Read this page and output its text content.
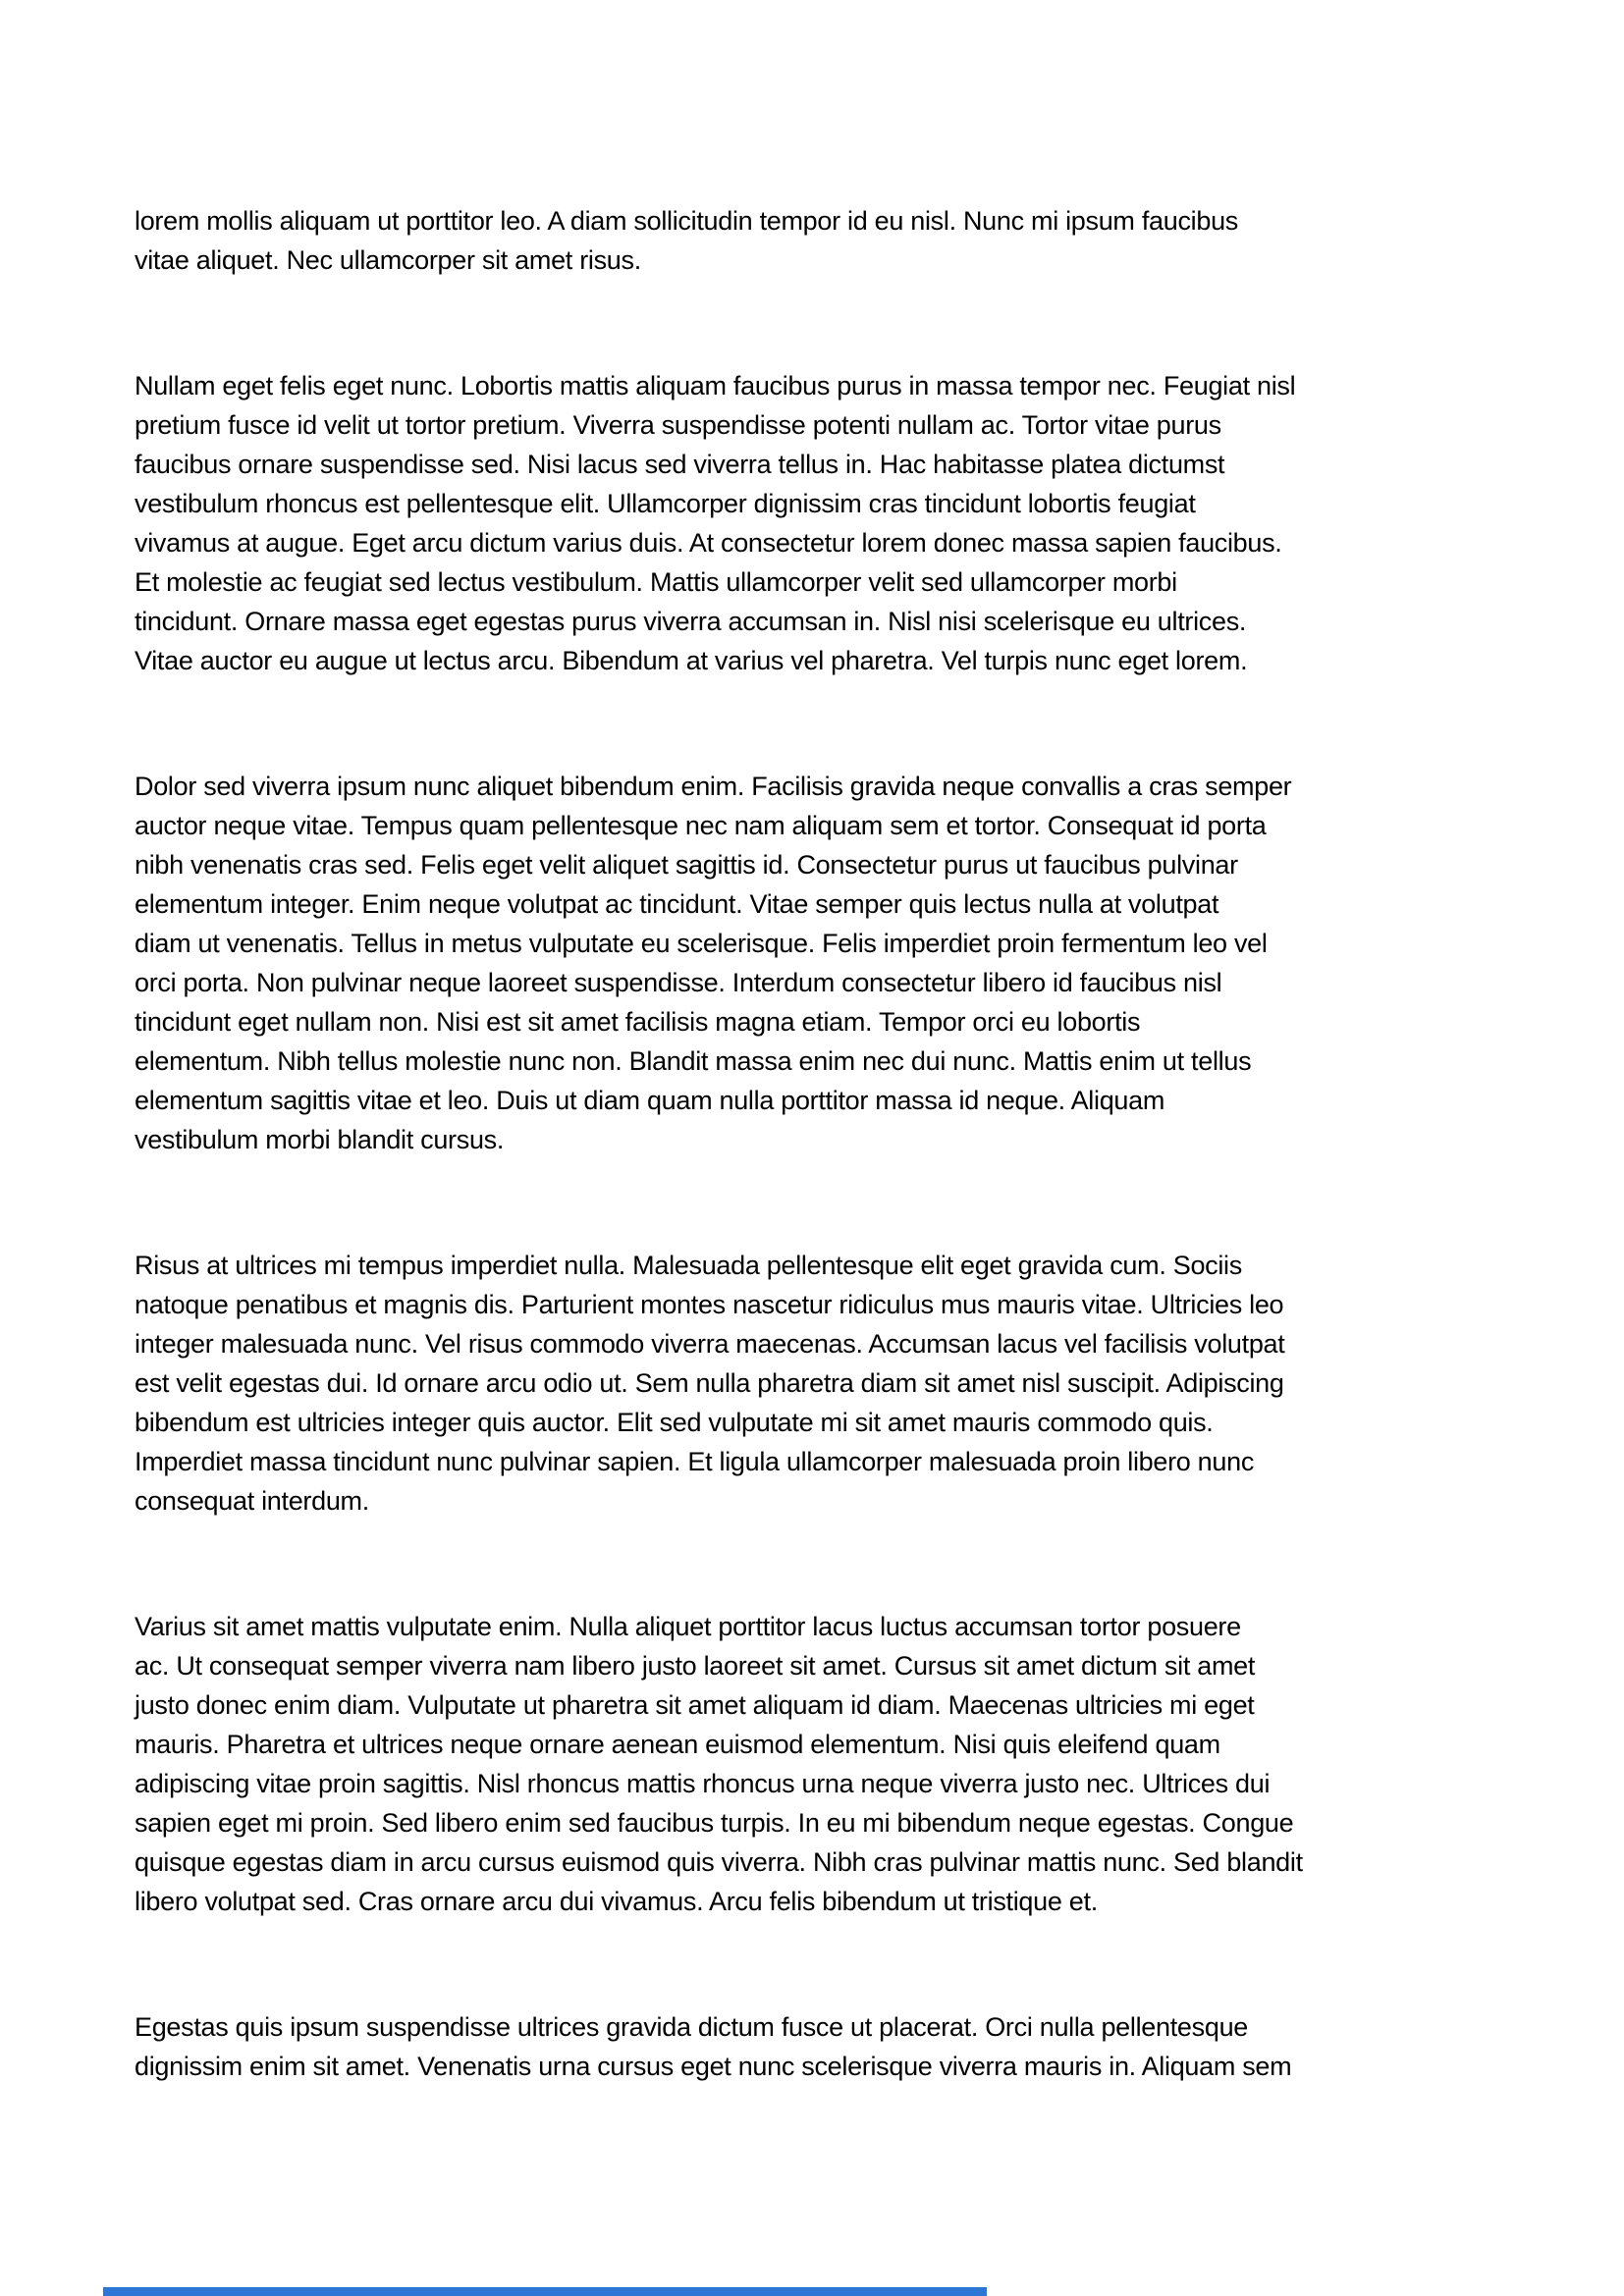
lorem mollis aliquam ut porttitor leo. A diam sollicitudin tempor id eu nisl. Nunc mi ipsum faucibus
vitae aliquet. Nec ullamcorper sit amet risus.

Nullam eget felis eget nunc. Lobortis mattis aliquam faucibus purus in massa tempor nec. Feugiat nisl
pretium fusce id velit ut tortor pretium. Viverra suspendisse potenti nullam ac. Tortor vitae purus
faucibus ornare suspendisse sed. Nisi lacus sed viverra tellus in. Hac habitasse platea dictumst
vestibulum rhoncus est pellentesque elit. Ullamcorper dignissim cras tincidunt lobortis feugiat
vivamus at augue. Eget arcu dictum varius duis. At consectetur lorem donec massa sapien faucibus.
Et molestie ac feugiat sed lectus vestibulum. Mattis ullamcorper velit sed ullamcorper morbi
tincidunt. Ornare massa eget egestas purus viverra accumsan in. Nisl nisi scelerisque eu ultrices.
Vitae auctor eu augue ut lectus arcu. Bibendum at varius vel pharetra. Vel turpis nunc eget lorem.

Dolor sed viverra ipsum nunc aliquet bibendum enim. Facilisis gravida neque convallis a cras semper
auctor neque vitae. Tempus quam pellentesque nec nam aliquam sem et tortor. Consequat id porta
nibh venenatis cras sed. Felis eget velit aliquet sagittis id. Consectetur purus ut faucibus pulvinar
elementum integer. Enim neque volutpat ac tincidunt. Vitae semper quis lectus nulla at volutpat
diam ut venenatis. Tellus in metus vulputate eu scelerisque. Felis imperdiet proin fermentum leo vel
orci porta. Non pulvinar neque laoreet suspendisse. Interdum consectetur libero id faucibus nisl
tincidunt eget nullam non. Nisi est sit amet facilisis magna etiam. Tempor orci eu lobortis
elementum. Nibh tellus molestie nunc non. Blandit massa enim nec dui nunc. Mattis enim ut tellus
elementum sagittis vitae et leo. Duis ut diam quam nulla porttitor massa id neque. Aliquam
vestibulum morbi blandit cursus.

Risus at ultrices mi tempus imperdiet nulla. Malesuada pellentesque elit eget gravida cum. Sociis
natoque penatibus et magnis dis. Parturient montes nascetur ridiculus mus mauris vitae. Ultricies leo
integer malesuada nunc. Vel risus commodo viverra maecenas. Accumsan lacus vel facilisis volutpat
est velit egestas dui. Id ornare arcu odio ut. Sem nulla pharetra diam sit amet nisl suscipit. Adipiscing
bibendum est ultricies integer quis auctor. Elit sed vulputate mi sit amet mauris commodo quis.
Imperdiet massa tincidunt nunc pulvinar sapien. Et ligula ullamcorper malesuada proin libero nunc
consequat interdum.

Varius sit amet mattis vulputate enim. Nulla aliquet porttitor lacus luctus accumsan tortor posuere
ac. Ut consequat semper viverra nam libero justo laoreet sit amet. Cursus sit amet dictum sit amet
justo donec enim diam. Vulputate ut pharetra sit amet aliquam id diam. Maecenas ultricies mi eget
mauris. Pharetra et ultrices neque ornare aenean euismod elementum. Nisi quis eleifend quam
adipiscing vitae proin sagittis. Nisl rhoncus mattis rhoncus urna neque viverra justo nec. Ultrices dui
sapien eget mi proin. Sed libero enim sed faucibus turpis. In eu mi bibendum neque egestas. Congue
quisque egestas diam in arcu cursus euismod quis viverra. Nibh cras pulvinar mattis nunc. Sed blandit
libero volutpat sed. Cras ornare arcu dui vivamus. Arcu felis bibendum ut tristique et.

Egestas quis ipsum suspendisse ultrices gravida dictum fusce ut placerat. Orci nulla pellentesque
dignissim enim sit amet. Venenatis urna cursus eget nunc scelerisque viverra mauris in. Aliquam sem
